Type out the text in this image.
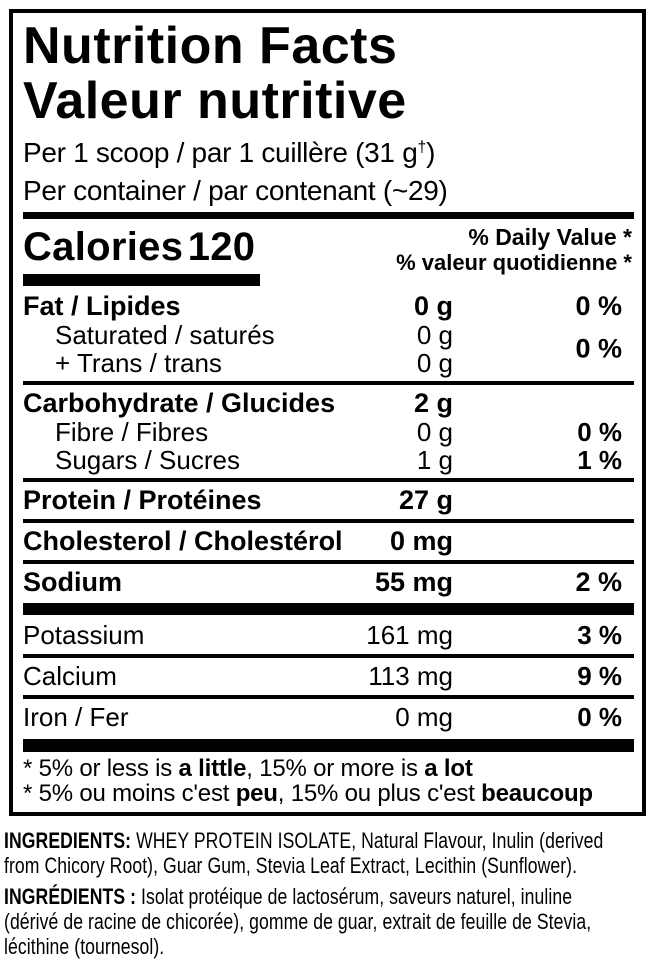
Nutrition Facts
Valeur nutritive
Per 1 scoop / par 1 cuillère (31 g†)
Per container / par contenant (~29)
Calories 120	% Daily Value *
% valeur quotidienne *
Fat / Lipides	0 g	0 %
Saturated / saturés	0 g
+ Trans / trans	0 g	0 %
Carbohydrate / Glucides	2 g
Fibre / Fibres	0 g	0 %
Sugars / Sucres	1 g	1 %
Protein / Protéines	27 g
Cholesterol / Cholestérol 0 mg
Sodium	55 mg	2 %
Potassium	161 mg	3 %
Calcium	113 mg	9 %
Iron / Fer	0 mg	0 %
* 5% or less is a little, 15% or more is a lot
* 5% ou moins c'est peu, 15% ou plus c'est beaucoup
INGREDIENTS: WHEY PROTEIN ISOLATE, Natural Flavour, Inulin (derived
from Chicory Root), Guar Gum, Stevia Leaf Extract, Lecithin (Sunflower).
INGRÉDIENTS : Isolat protéique de lactosérum, saveurs naturel, inuline
(dérivé de racine de chicorée), gomme de guar, extrait de feuille de Stevia,
lécithine (tournesol).
